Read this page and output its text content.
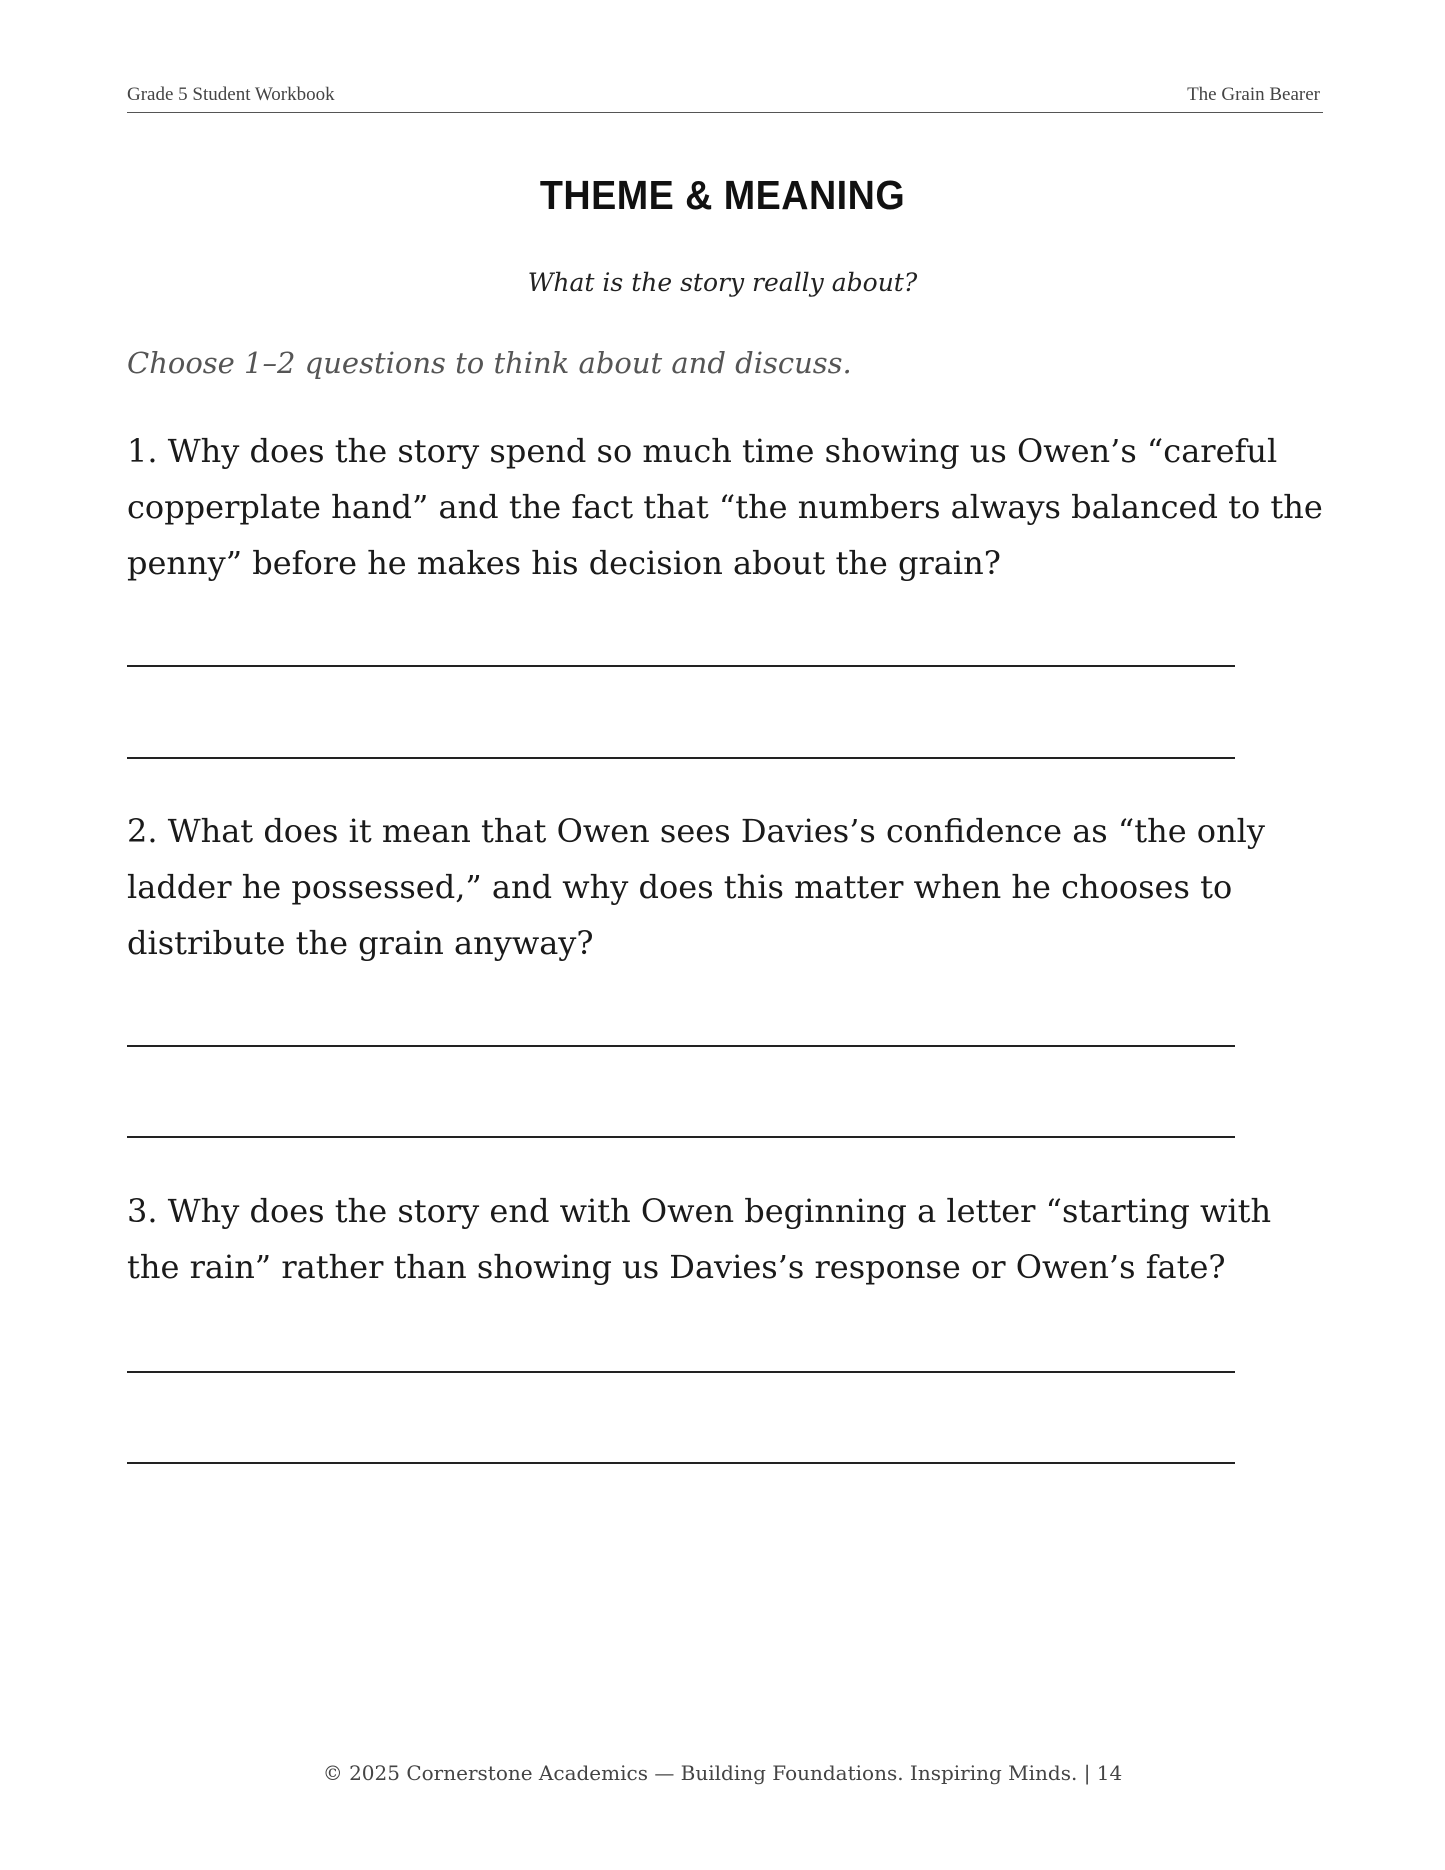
Grade 5 Student Workbook	The Grain Bearer
THEME & MEANING
What is the story really about?
Choose 1–2 questions to think about and discuss.
1. Why does the story spend so much time showing us Owen’s “careful copperplate hand” and the fact that “the numbers always balanced to the penny” before he makes his decision about the grain?
2. What does it mean that Owen sees Davies’s confidence as “the only ladder he possessed,” and why does this matter when he chooses to distribute the grain anyway?
3. Why does the story end with Owen beginning a letter “starting with the rain” rather than showing us Davies’s response or Owen’s fate?
© 2025 Cornerstone Academics — Building Foundations. Inspiring Minds. | 14
